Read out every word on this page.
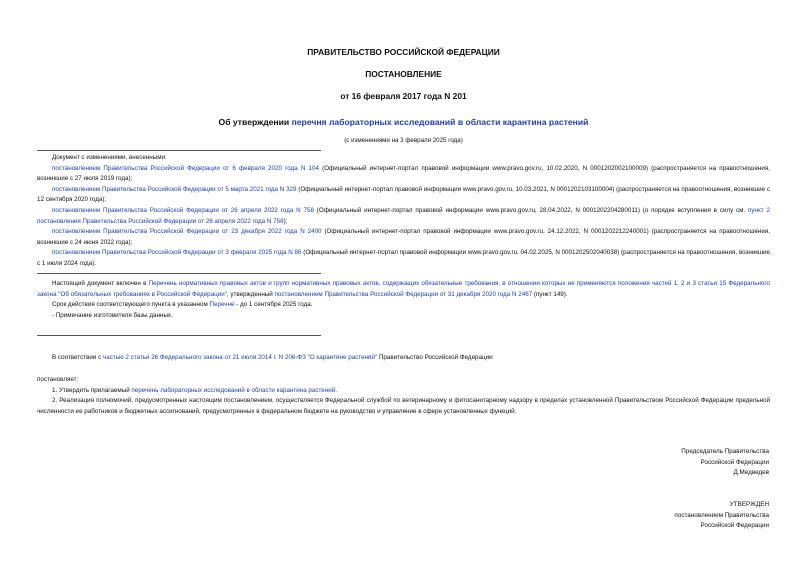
ПРАВИТЕЛЬСТВО РОССИЙСКОЙ ФЕДЕРАЦИИ
ПОСТАНОВЛЕНИЕ
от 16 февраля 2017 года N 201
Об утверждении перечня лабораторных исследований в области карантина растений
(с изменениями на 3 февраля 2025 года)

Документ с изменениями, внесенными:

постановлением Правительства Российской Федерации от 6 февраля 2020 года N 104 (Официальный интернет-портал правовой информации www.pravo.gov.ru, 10.02.2020, N 0001202002100009) (распространяется на правоотношения, возникшие с 27 июля 2019 года);

постановлением Правительства Российской Федерации от 5 марта 2021 года N 329 (Официальный интернет-портал правовой информации www.pravo.gov.ru, 10.03.2021, N 0001202103100004) (распространяется на правоотношения, возникшие с 12 сентября 2020 года);

постановлением Правительства Российской Федерации от 26 апреля 2022 года N 758 (Официальный интернет-портал правовой информации www.pravo.gov.ru, 28.04.2022, N 0001202204280011) (о порядке вступления в силу см. пункт 2 постановления Правительства Российской Федерации от 26 апреля 2022 года N 758);

постановлением Правительства Российской Федерации от 23 декабря 2022 года N 2400 (Официальный интернет-портал правовой информации www.pravo.gov.ru, 24.12.2022, N 0001202212240001) (распространяется на правоотношения, возникшие с 24 июня 2022 года);

постановлением Правительства Российской Федерации от 3 февраля 2025 года N 86 (Официальный интернет-портал правовой информации www.pravo.gov.ru, 04.02.2025, N 0001202502040038) (распространяется на правоотношения, возникшие с 1 июля 2024 года).

Настоящий документ включен в Перечень нормативных правовых актов и групп нормативных правовых актов, содержащих обязательные требования, в отношении которых не применяются положения частей 1, 2 и 3 статьи 15 Федерального закона "Об обязательных требованиях в Российской Федерации", утвержденный постановлением Правительства Российской Федерации от 31 декабря 2020 года N 2467 (пункт 149).

Срок действия соответствующего пункта в указанном Перечне - до 1 сентября 2025 года.

- Примечание изготовителя базы данных.

В соответствии с частью 2 статьи 26 Федерального закона от 21 июля 2014 г. N 206-ФЗ "О карантине растений" Правительство Российской Федерации

постановляет:

1. Утвердить прилагаемый перечень лабораторных исследований в области карантина растений.

2. Реализация полномочий, предусмотренных настоящим постановлением, осуществляется Федеральной службой по ветеринарному и фитосанитарному надзору в пределах установленной Правительством Российской Федерации предельной численности ее работников и бюджетных ассигнований, предусмотренных в федеральном бюджете на руководство и управление в сфере установленных функций.

Председатель Правительства
Российской Федерации
Д.Медведев
УТВЕРЖДЕН
постановлением Правительства
Российской Федерации
